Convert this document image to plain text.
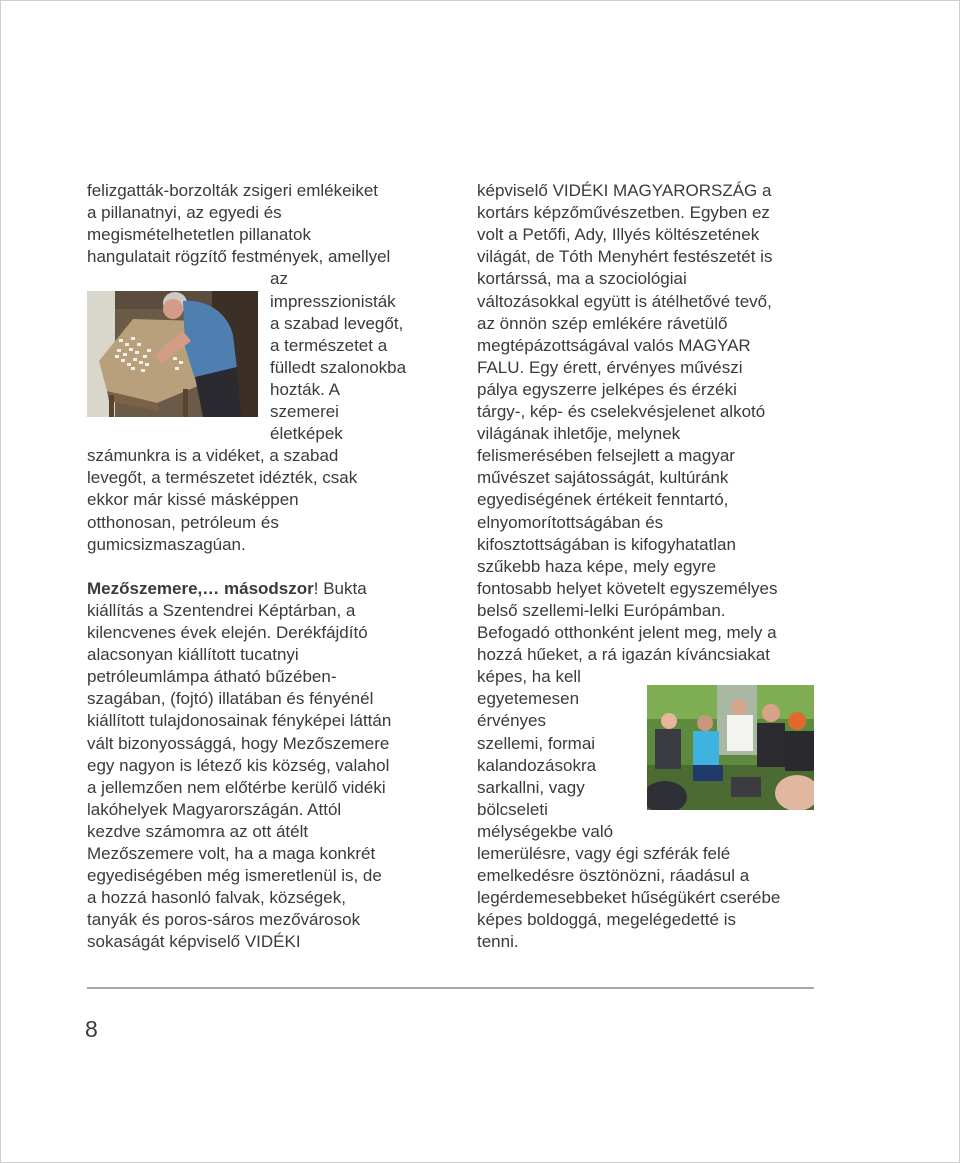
felizgatták-borzolták zsigeri emlékeiket
a pillanatnyi, az egyedi és
megismételhetetlen pillanatok
hangulatait rögzítő festmények, amellyel
az
impresszionisták
a szabad levegőt,
a természetet a
fülledt szalonokba
hozták. A
szemerei
életképek
számunkra is a vidéket, a szabad
levegőt, a természetet idézték, csak
ekkor már kissé másképpen
otthonosan, petróleum és
gumicsizmaszagúan.
kiállítás a Szentendrei Képtárban, a
kilencvenes évek elején. Derékfájdító
alacsonyan kiállított tucatnyi
petróleumlámpa átható bűzében-
szagában, (fojtó) illatában és fényénél
kiállított tulajdonosainak fényképei láttán
vált bizonyossággá, hogy Mezőszemere
egy nagyon is létező kis község, valahol
a jellemzően nem előtérbe kerülő vidéki
lakóhelyek Magyarországán. Attól
kezdve számomra az ott átélt
Mezőszemere volt, ha a maga konkrét
egyediségében még ismeretlenül is, de
a hozzá hasonló falvak, községek,
tanyák és poros-sáros mezővárosok
sokaságát képviselő VIDÉKI
képviselő VIDÉKI MAGYARORSZÁG a
kortárs képzőművészetben. Egyben ez
volt a Petőfi, Ady, Illyés költészetének
világát, de Tóth Menyhért festészetét is
kortárssá, ma a szociológiai
változásokkal együtt is átélhetővé tevő,
az önnön szép emlékére rávetülő
megtépázottságával valós MAGYAR
FALU. Egy érett, érvényes művészi
pálya egyszerre jelképes és érzéki
tárgy-, kép- és cselekvésjelenet alkotó
világának ihletője, melynek
felismerésében felsejlett a magyar
művészet sajátosságát, kultúránk
egyediségének értékeit fenntartó,
elnyomorítottságában és
kifosztottságában is kifogyhatatlan
szűkebb haza képe, mely egyre
fontosabb helyet követelt egyszemélyes
belső szellemi-lelki Európámban.
Befogadó otthonként jelent meg, mely a
hozzá hűeket, a rá igazán kíváncsiakat
képes, ha kell
egyetemesen
érvényes
szellemi, formai
kalandozásokra
sarkallni, vagy
bölcseleti
mélységekbe való
lemerülésre, vagy égi szférák felé
emelkedésre ösztönözni, ráadásul a
legérdemesebbeket hűségükért cserébe
képes boldoggá, megelégedetté is
tenni.
Mezőszemere,… másodszor! Bukta
8
